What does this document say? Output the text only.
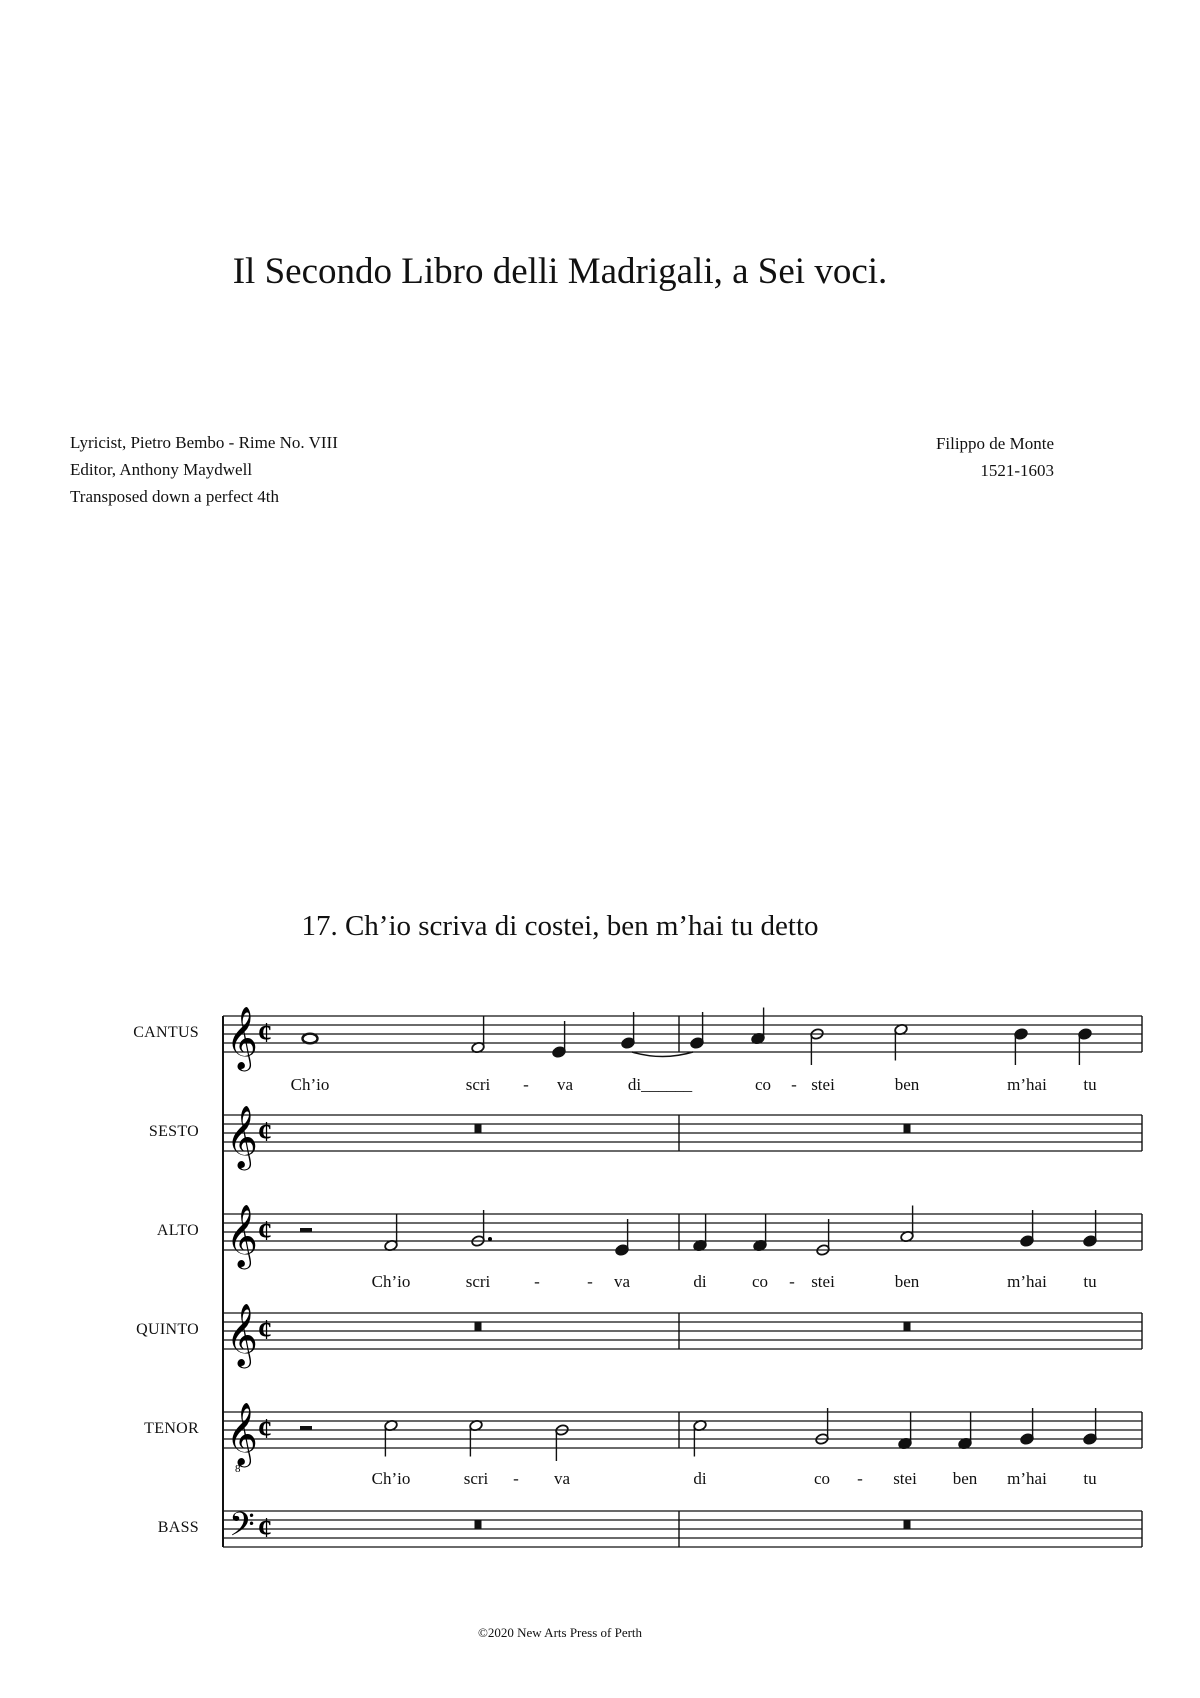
Il Secondo Libro delli Madrigali, a Sei voci.
Lyricist, Pietro Bembo - Rime No. VIII
Editor, Anthony Maydwell
Transposed down a perfect 4th
Filippo de Monte
1521-1603
17. Ch’io scriva di costei, ben m’hai tu detto
CANTUS
SESTO
ALTO
QUINTO
TENOR
BASS
Ch’io	scri - va	di______	co - stei	ben	m’hai tu
Ch’io	scri	-	- va	di	co - stei	ben	m’hai tu
Ch’io	scri - va	di	co - stei ben m’hai tu
©2020 New Arts Press of Perth
𝄞 ¢
𝄞 ¢
𝄞 ¢
𝄞 ¢
𝄞
8
¢
𝄢 ¢
